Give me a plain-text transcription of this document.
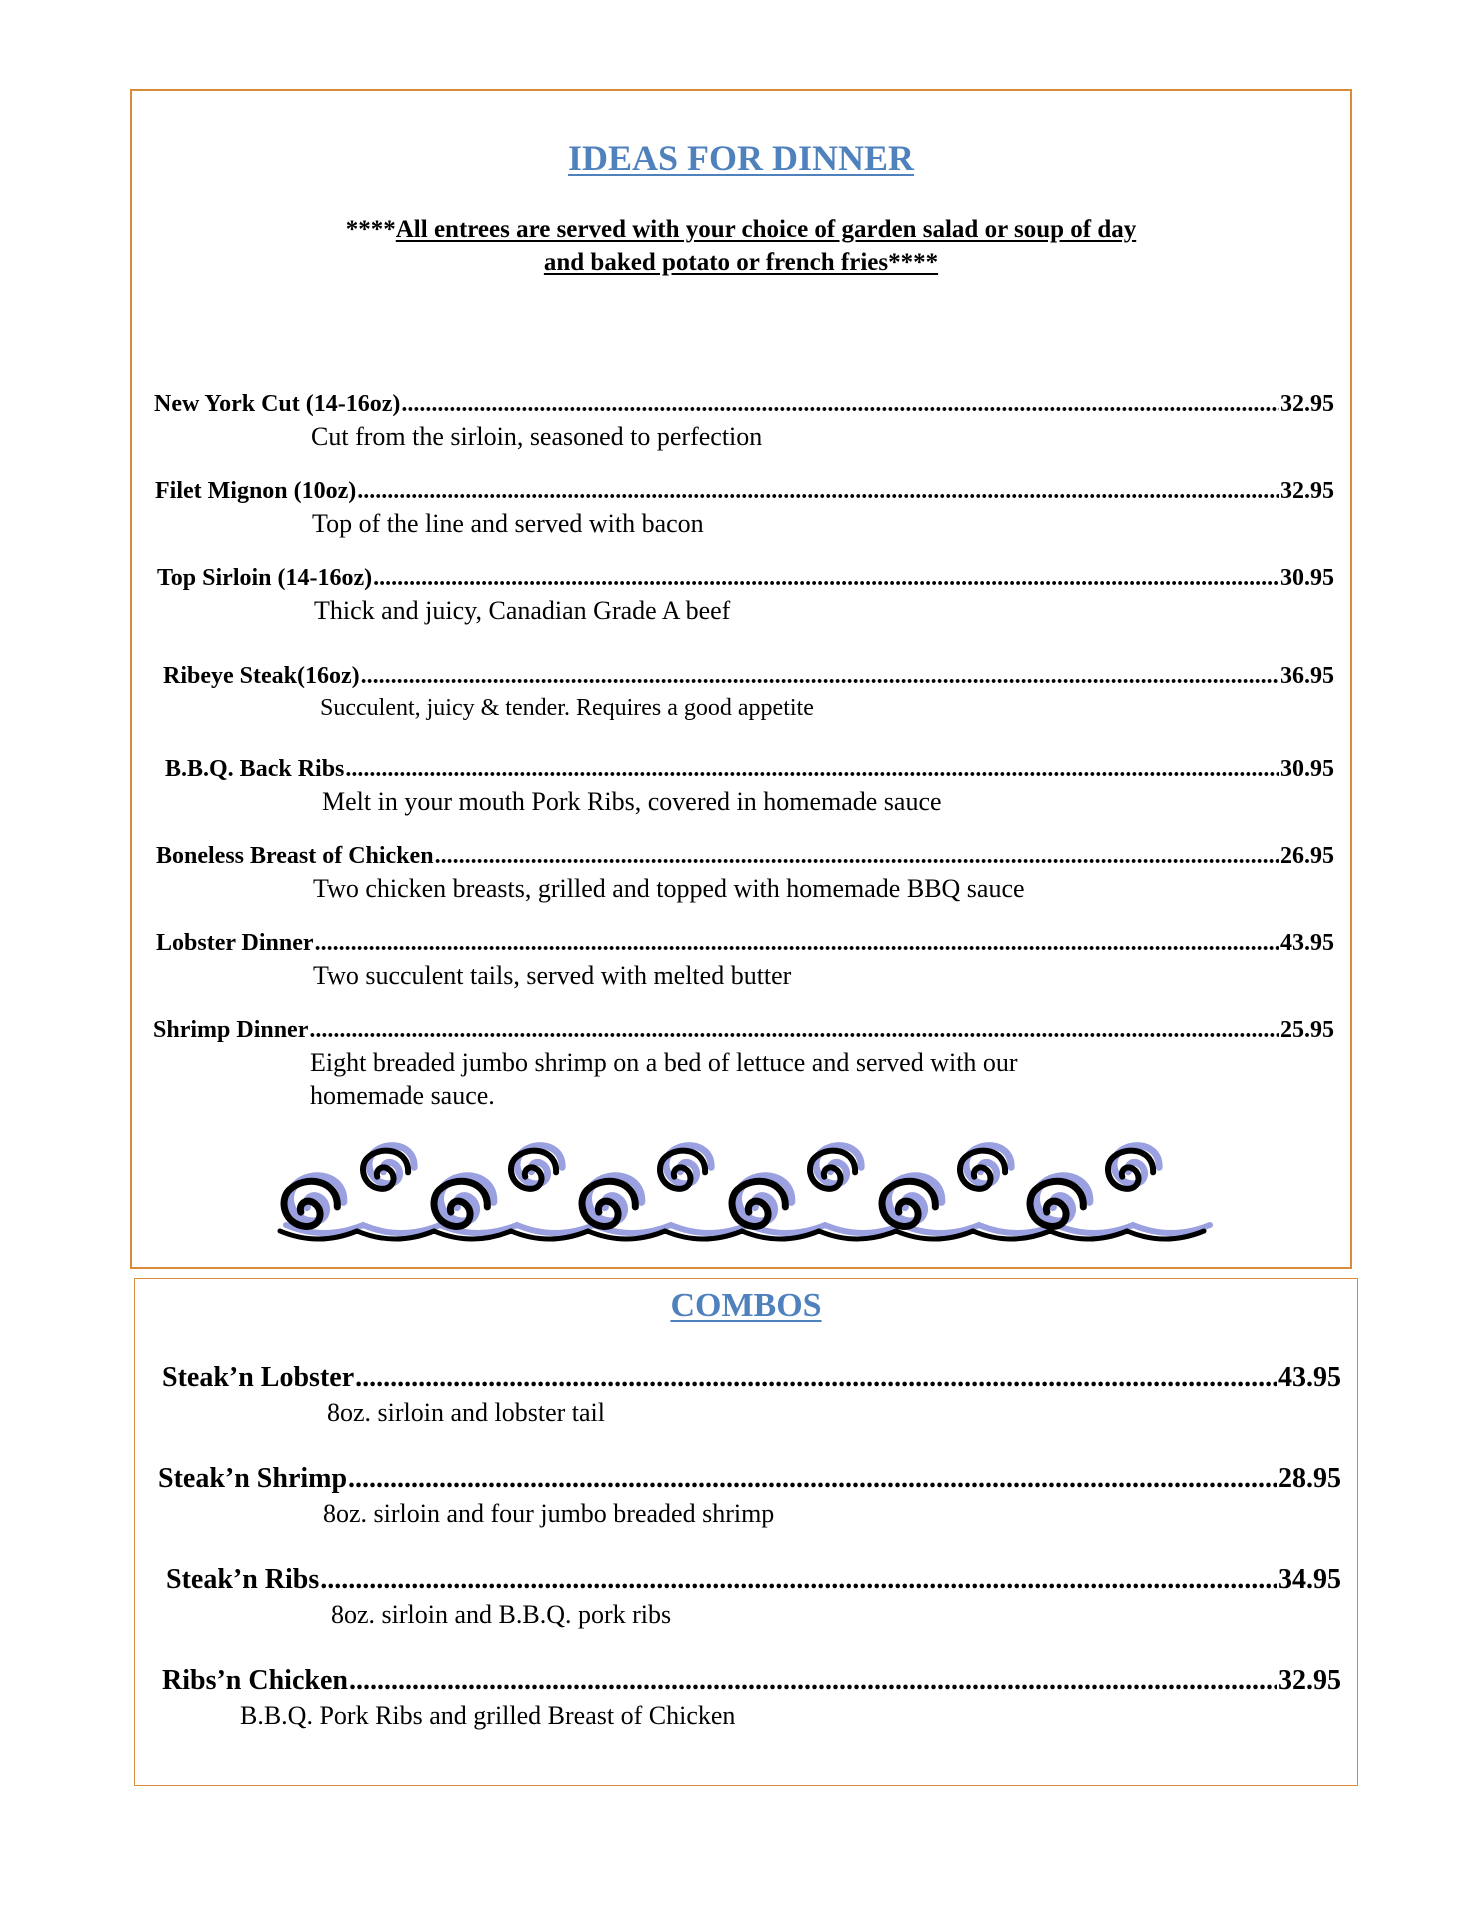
IDEAS FOR DINNER
****All entrees are served with your choice of garden salad or soup of day
and baked potato or french fries****
New York Cut (14-16oz) .....	32.95
Cut from the sirloin, seasoned to perfection
Filet Mignon (10oz) .....	32.95
Top of the line and served with bacon
Top Sirloin (14-16oz) .....	30.95
Thick and juicy, Canadian Grade A beef
Ribeye Steak(16oz) .....	36.95
Succulent, juicy & tender. Requires a good appetite
B.B.Q. Back Ribs .....	30.95
Melt in your mouth Pork Ribs, covered in homemade sauce
Boneless Breast of Chicken .....	26.95
Two chicken breasts, grilled and topped with homemade BBQ sauce
Lobster Dinner .....	43.95
Two succulent tails, served with melted butter
Shrimp Dinner .....	25.95
Eight breaded jumbo shrimp on a bed of lettuce and served with our
homemade sauce.
COMBOS
Steak’n Lobster .....	43.95
8oz. sirloin and lobster tail
Steak’n Shrimp .....	28.95
8oz. sirloin and four jumbo breaded shrimp
Steak’n Ribs .....	34.95
8oz. sirloin and B.B.Q. pork ribs
Ribs’n Chicken .....	32.95
B.B.Q. Pork Ribs and grilled Breast of Chicken
